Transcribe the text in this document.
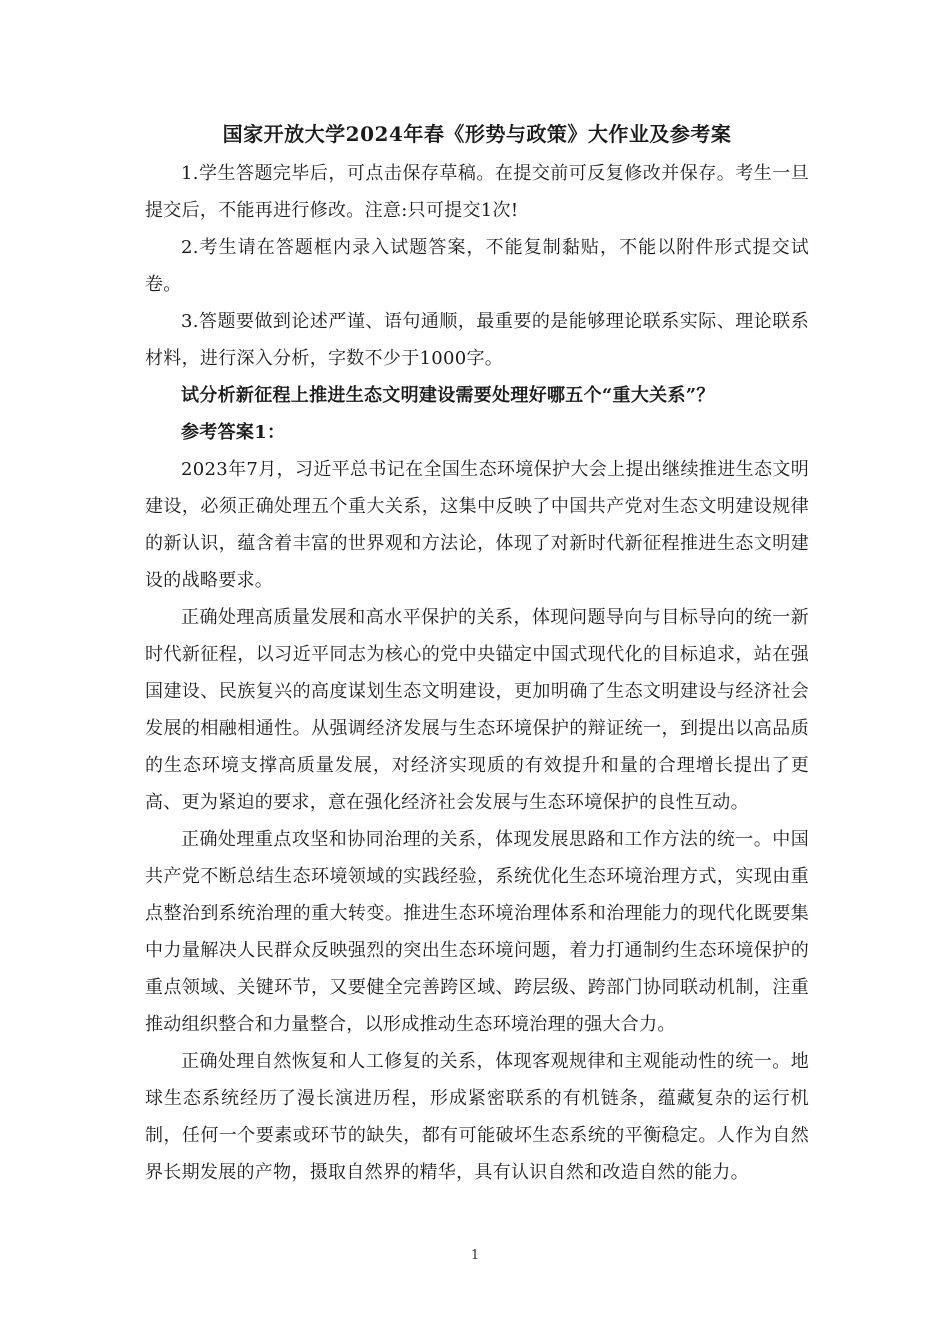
国家开放大学2024年春《形势与政策》大作业及参考案

1.学生答题完毕后，可点击保存草稿。在提交前可反复修改并保存。考生一旦提交后，不能再进行修改。注意:只可提交1次!

2.考生请在答题框内录入试题答案，不能复制黏贴，不能以附件形式提交试卷。

3.答题要做到论述严谨、语句通顺，最重要的是能够理论联系实际、理论联系材料，进行深入分析，字数不少于1000字。

试分析新征程上推进生态文明建设需要处理好哪五个“重大关系”？

参考答案1：

2023年7月，习近平总书记在全国生态环境保护大会上提出继续推进生态文明建设，必须正确处理五个重大关系，这集中反映了中国共产党对生态文明建设规律的新认识，蕴含着丰富的世界观和方法论，体现了对新时代新征程推进生态文明建设的战略要求。

正确处理高质量发展和高水平保护的关系，体现问题导向与目标导向的统一新时代新征程，以习近平同志为核心的党中央锚定中国式现代化的目标追求，站在强国建设、民族复兴的高度谋划生态文明建设，更加明确了生态文明建设与经济社会发展的相融相通性。从强调经济发展与生态环境保护的辩证统一，到提出以高品质的生态环境支撑高质量发展，对经济实现质的有效提升和量的合理增长提出了更高、更为紧迫的要求，意在强化经济社会发展与生态环境保护的良性互动。

正确处理重点攻坚和协同治理的关系，体现发展思路和工作方法的统一。中国共产党不断总结生态环境领域的实践经验，系统优化生态环境治理方式，实现由重点整治到系统治理的重大转变。推进生态环境治理体系和治理能力的现代化既要集中力量解决人民群众反映强烈的突出生态环境问题，着力打通制约生态环境保护的重点领域、关键环节，又要健全完善跨区域、跨层级、跨部门协同联动机制，注重推动组织整合和力量整合，以形成推动生态环境治理的强大合力。

正确处理自然恢复和人工修复的关系，体现客观规律和主观能动性的统一。地球生态系统经历了漫长演进历程，形成紧密联系的有机链条，蕴藏复杂的运行机制，任何一个要素或环节的缺失，都有可能破坏生态系统的平衡稳定。人作为自然界长期发展的产物，摄取自然界的精华，具有认识自然和改造自然的能力。

1
